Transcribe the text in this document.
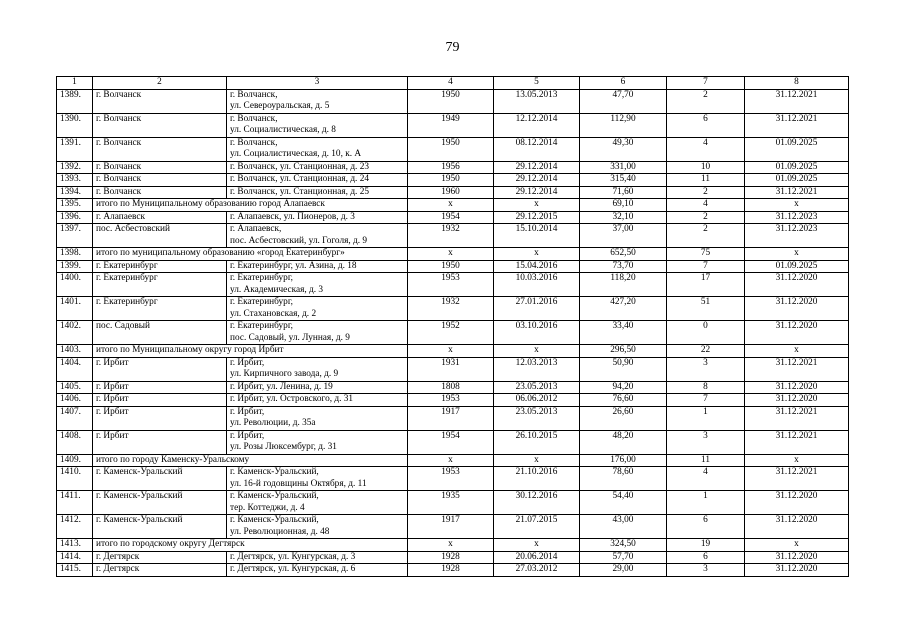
79
1	2	3	4	5	6	7	8
1389.	г. Волчанск	г. Волчанск,
ул. Североуральская, д. 5	1950	13.05.2013	47,70	2	31.12.2021
1390.	г. Волчанск	г. Волчанск,
ул. Социалистическая, д. 8	1949	12.12.2014	112,90	6	31.12.2021
1391.	г. Волчанск	г. Волчанск,
ул. Социалистическая, д. 10, к. А	1950	08.12.2014	49,30	4	01.09.2025
1392.	г. Волчанск	г. Волчанск, ул. Станционная, д. 23	1956	29.12.2014	331,00	10	01.09.2025
1393.	г. Волчанск	г. Волчанск, ул. Станционная, д. 24	1950	29.12.2014	315,40	11	01.09.2025
1394.	г. Волчанск	г. Волчанск, ул. Станционная, д. 25	1960	29.12.2014	71,60	2	31.12.2021
1395.	итого по Муниципальному образованию город Алапаевск		x	x	69,10	4	x
1396.	г. Алапаевск	г. Алапаевск, ул. Пионеров, д. 3	1954	29.12.2015	32,10	2	31.12.2023
1397.	пос. Асбестовский	г. Алапаевск,
пос. Асбестовский, ул. Гоголя, д. 9	1932	15.10.2014	37,00	2	31.12.2023
1398.	итого по муниципальному образованию «город Екатеринбург»		x	x	652,50	75	x
1399.	г. Екатеринбург	г. Екатеринбург, ул. Азина, д. 18	1950	15.04.2016	73,70	7	01.09.2025
1400.	г. Екатеринбург	г. Екатеринбург,
ул. Академическая, д. 3	1953	10.03.2016	118,20	17	31.12.2020
1401.	г. Екатеринбург	г. Екатеринбург,
ул. Стахановская, д. 2	1932	27.01.2016	427,20	51	31.12.2020
1402.	пос. Садовый	г. Екатеринбург,
пос. Садовый, ул. Лунная, д. 9	1952	03.10.2016	33,40	0	31.12.2020
1403.	итого по Муниципальному округу город Ирбит		x	x	296,50	22	x
1404.	г. Ирбит	г. Ирбит,
ул. Кирпичного завода, д. 9	1931	12.03.2013	50,90	3	31.12.2021
1405.	г. Ирбит	г. Ирбит, ул. Ленина, д. 19	1808	23.05.2013	94,20	8	31.12.2020
1406.	г. Ирбит	г. Ирбит, ул. Островского, д. 31	1953	06.06.2012	76,60	7	31.12.2020
1407.	г. Ирбит	г. Ирбит,
ул. Революции, д. 35а	1917	23.05.2013	26,60	1	31.12.2021
1408.	г. Ирбит	г. Ирбит,
ул. Розы Люксембург, д. 31	1954	26.10.2015	48,20	3	31.12.2021
1409.	итого по городу Каменску-Уральскому		x	x	176,00	11	x
1410.	г. Каменск-Уральский	г. Каменск-Уральский,
ул. 16-й годовщины Октября, д. 11	1953	21.10.2016	78,60	4	31.12.2021
1411.	г. Каменск-Уральский	г. Каменск-Уральский,
тер. Коттеджи, д. 4	1935	30.12.2016	54,40	1	31.12.2020
1412.	г. Каменск-Уральский	г. Каменск-Уральский,
ул. Революционная, д. 48	1917	21.07.2015	43,00	6	31.12.2020
1413.	итого по городскому округу Дегтярск		x	x	324,50	19	x
1414.	г. Дегтярск	г. Дегтярск, ул. Кунгурская, д. 3	1928	20.06.2014	57,70	6	31.12.2020
1415.	г. Дегтярск	г. Дегтярск, ул. Кунгурская, д. 6	1928	27.03.2012	29,00	3	31.12.2020
